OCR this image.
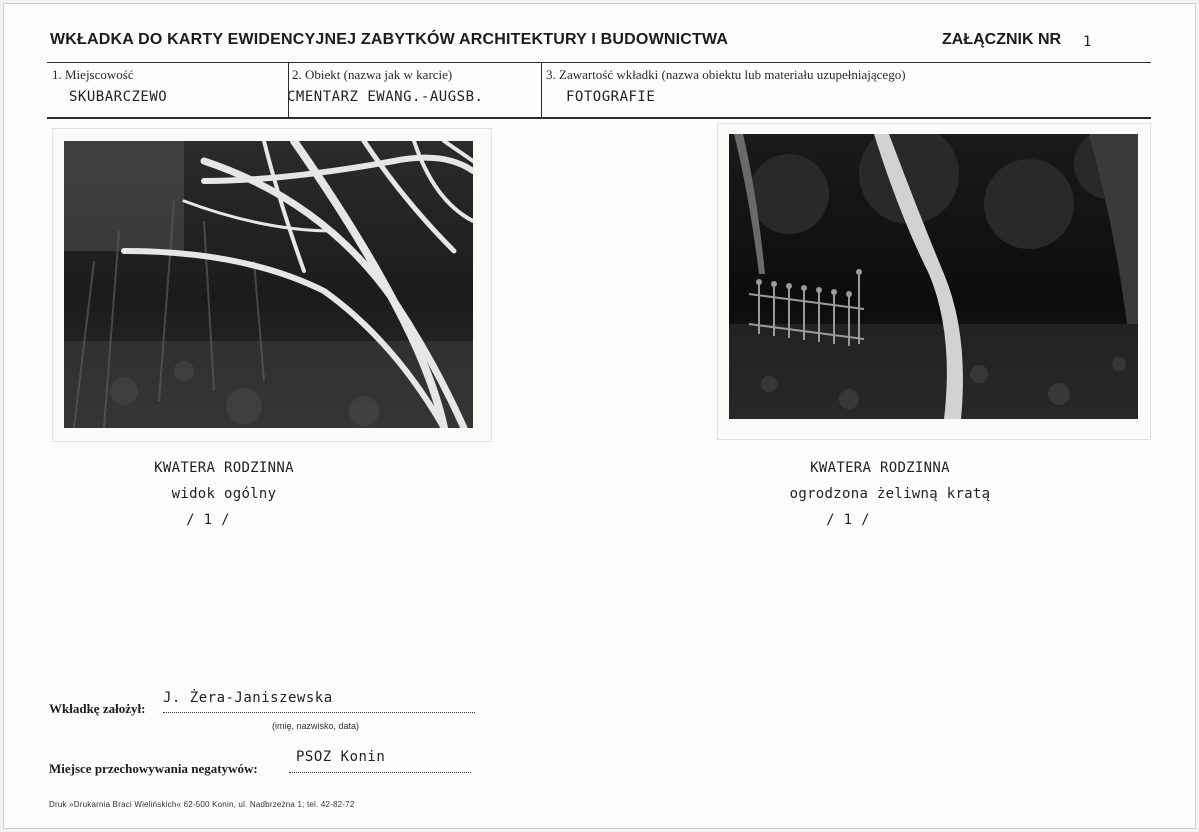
WKŁADKA DO KARTY EWIDENCYJNEJ ZABYTKÓW ARCHITEKTURY I BUDOWNICTWA	ZAŁĄCZNIK NR 1
1. Miejscowość
SKUBARCZEWO
2. Obiekt (nazwa jak w karcie)
CMENTARZ EWANG.-AUGSB.
3. Zawartość wkładki (nazwa obiektu lub materiału uzupełniającego)
FOTOGRAFIE
KWATERA RODZINNA
widok ogólny
/ 1 /
KWATERA RODZINNA
ogrodzona żeliwną kratą
/ 1 /
J. Żera-Janiszewska
Wkładkę założył:
(imię, nazwisko, data)
PSOZ Konin
Miejsce przechowywania negatywów:
Druk »Drukarnia Braci Wielińskich« 62-500 Konin, ul. Nadbrzeżna 1; tel. 42-82-72
